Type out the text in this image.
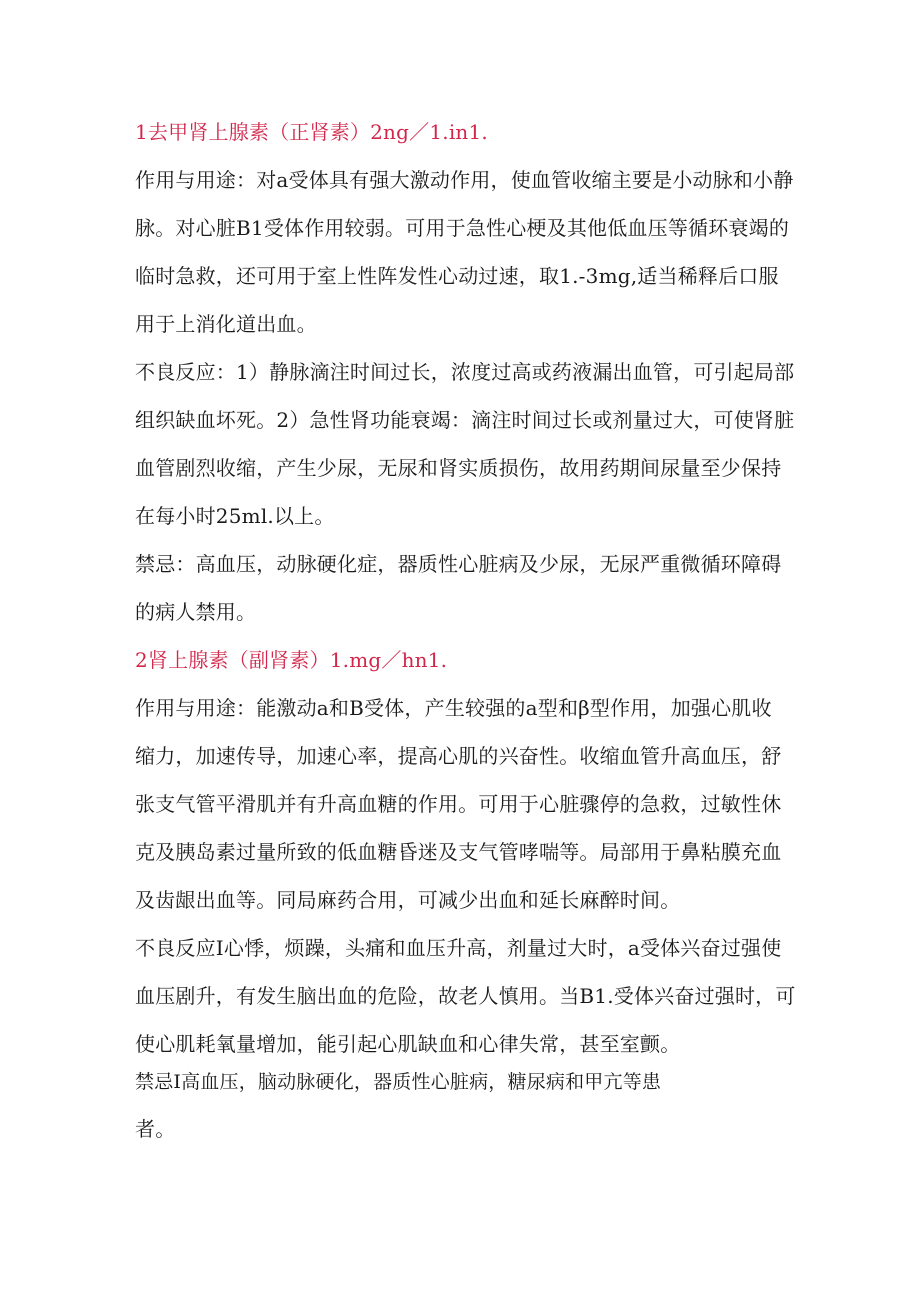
1去甲肾上腺素（正肾素）2ng／1.in1.
作用与用途：对a受体具有强大激动作用，使血管收缩主要是小动脉和小静
脉。对心脏B1受体作用较弱。可用于急性心梗及其他低血压等循环衰竭的
临时急救，还可用于室上性阵发性心动过速，取1.-3mg,适当稀释后口服
用于上消化道出血。
不良反应：1）静脉滴注时间过长，浓度过高或药液漏出血管，可引起局部
组织缺血坏死。2）急性肾功能衰竭：滴注时间过长或剂量过大，可使肾脏
血管剧烈收缩，产生少尿，无尿和肾实质损伤，故用药期间尿量至少保持
在每小时25ml.以上。
禁忌：高血压，动脉硬化症，器质性心脏病及少尿，无尿严重微循环障碍
的病人禁用。
2肾上腺素（副肾素）1.mg／hn1.
作用与用途：能激动a和B受体，产生较强的a型和β型作用，加强心肌收
缩力，加速传导，加速心率，提高心肌的兴奋性。收缩血管升高血压，舒
张支气管平滑肌并有升高血糖的作用。可用于心脏骤停的急救，过敏性休
克及胰岛素过量所致的低血糖昏迷及支气管哮喘等。局部用于鼻粘膜充血
及齿龈出血等。同局麻药合用，可减少出血和延长麻醉时间。
不良反应I心悸，烦躁，头痛和血压升高，剂量过大时，a受体兴奋过强使
血压剧升，有发生脑出血的危险，故老人慎用。当B1.受体兴奋过强时，可
使心肌耗氧量增加，能引起心肌缺血和心律失常，甚至室颤。
禁忌I高血压，脑动脉硬化，器质性心脏病，糖尿病和甲亢等患
者。
